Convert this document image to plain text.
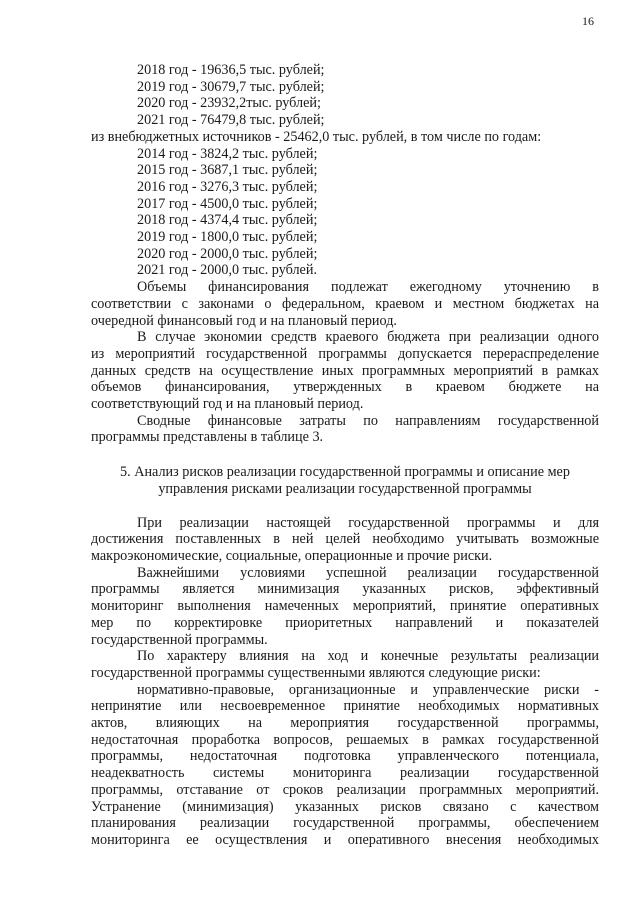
16
2018 год - 19636,5 тыс. рублей;
2019 год - 30679,7 тыс. рублей;
2020 год - 23932,2тыс. рублей;
2021 год - 76479,8 тыс. рублей;
из внебюджетных источников - 25462,0 тыс. рублей, в том числе по годам:
2014 год - 3824,2 тыс. рублей;
2015 год - 3687,1 тыс. рублей;
2016 год - 3276,3 тыс. рублей;
2017 год - 4500,0 тыс. рублей;
2018 год - 4374,4 тыс. рублей;
2019 год - 1800,0 тыс. рублей;
2020 год - 2000,0 тыс. рублей;
2021 год - 2000,0 тыс. рублей.
Объемы финансирования подлежат ежегодному уточнению в
соответствии с законами о федеральном, краевом и местном бюджетах на
очередной финансовый год и на плановый период.
В случае экономии средств краевого бюджета при реализации одного
из мероприятий государственной программы допускается перераспределение
данных средств на осуществление иных программных мероприятий в рамках
объемов финансирования, утвержденных в краевом бюджете на
соответствующий год и на плановый период.
Сводные финансовые затраты по направлениям государственной
программы представлены в таблице 3.
5. Анализ рисков реализации государственной программы и описание мер
управления рисками реализации государственной программы
При реализации настоящей государственной программы и для
достижения поставленных в ней целей необходимо учитывать возможные
макроэкономические, социальные, операционные и прочие риски.
Важнейшими условиями успешной реализации государственной
программы является минимизация указанных рисков, эффективный
мониторинг выполнения намеченных мероприятий, принятие оперативных
мер по корректировке приоритетных направлений и показателей
государственной программы.
По характеру влияния на ход и конечные результаты реализации
государственной программы существенными являются следующие риски:
нормативно-правовые, организационные и управленческие риски -
непринятие или несвоевременное принятие необходимых нормативных
актов, влияющих на мероприятия государственной программы,
недостаточная проработка вопросов, решаемых в рамках государственной
программы, недостаточная подготовка управленческого потенциала,
неадекватность системы мониторинга реализации государственной
программы, отставание от сроков реализации программных мероприятий.
Устранение (минимизация) указанных рисков связано с качеством
планирования реализации государственной программы, обеспечением
мониторинга ее осуществления и оперативного внесения необходимых
